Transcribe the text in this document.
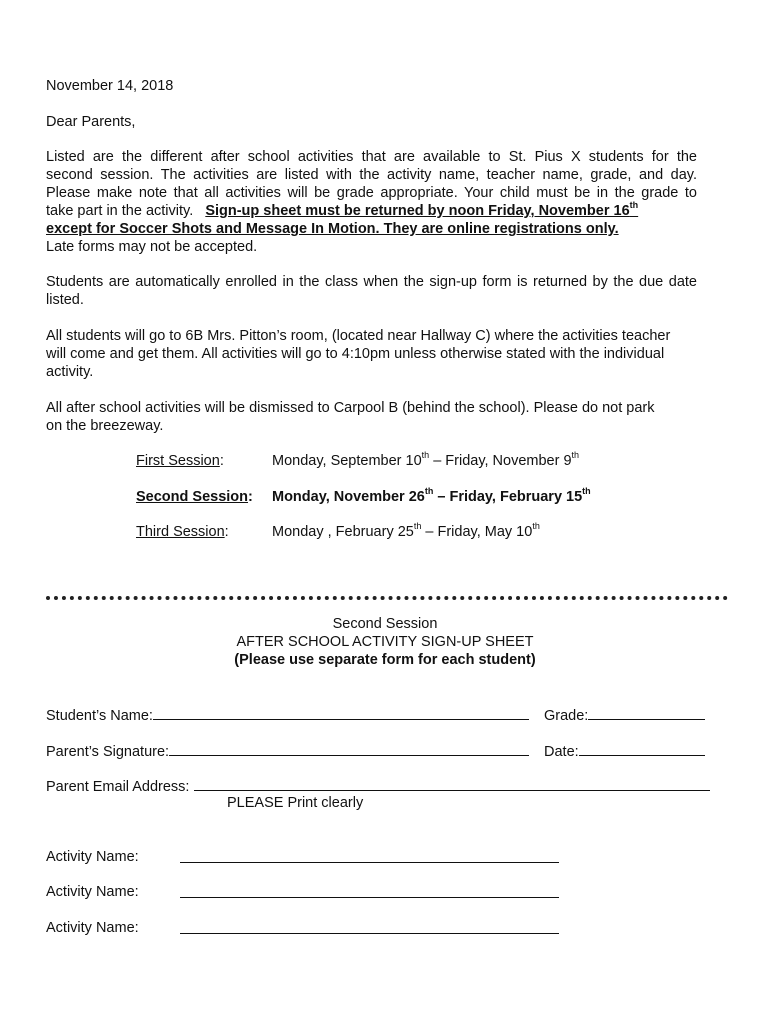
November 14, 2018
Dear Parents,
Listed are the different after school activities that are available to St. Pius X students for the
second session. The activities are listed with the activity name, teacher name, grade, and day.
Please make note that all activities will be grade appropriate. Your child must be in the grade to
take part in the activity. Sign-up sheet must be returned by noon Friday, November 16th
except for Soccer Shots and Message In Motion. They are online registrations only.
Late forms may not be accepted.
Students are automatically enrolled in the class when the sign-up form is returned by the due date
listed.
All students will go to 6B Mrs. Pitton’s room, (located near Hallway C) where the activities teacher
will come and get them. All activities will go to 4:10pm unless otherwise stated with the individual
activity.
All after school activities will be dismissed to Carpool B (behind the school). Please do not park
on the breezeway.
First Session:	Monday, September 10th – Friday, November 9th
Second Session: Monday, November 26th – Friday, February 15th
Third Session:	Monday , February 25th – Friday, May 10th
Second Session
AFTER SCHOOL ACTIVITY SIGN-UP SHEET
(Please use separate form for each student)
Student’s Name:	Grade:
Parent’s Signature:	Date:
Parent Email Address:
PLEASE Print clearly
Activity Name:
Activity Name:
Activity Name:
